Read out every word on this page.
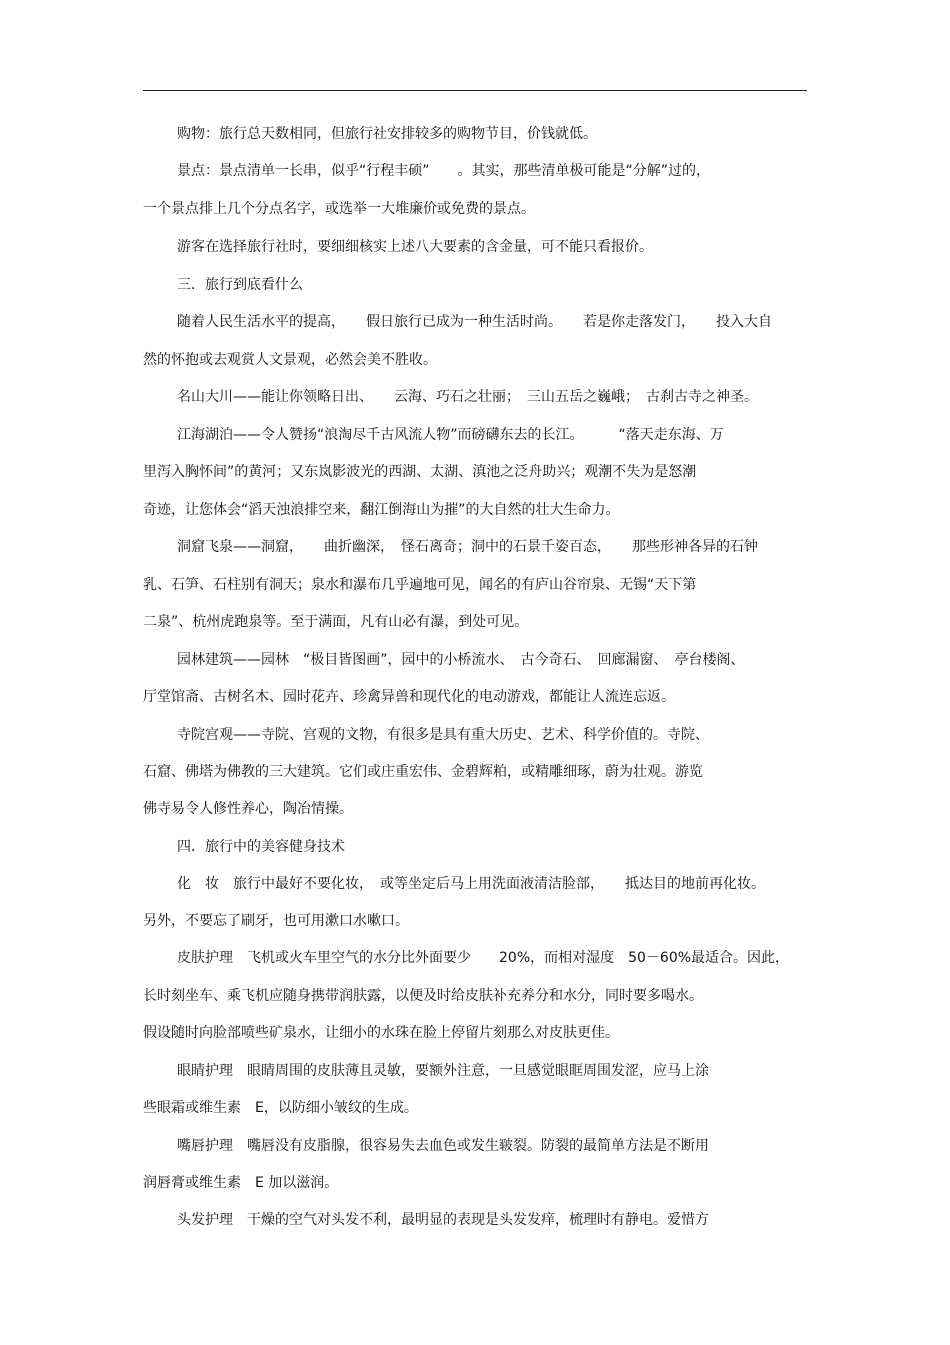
购物：旅行总天数相同，但旅行社安排较多的购物节目，价钱就低。
景点：景点清单一长串，似乎“行程丰硕”　　。其实，那些清单极可能是“分解”过的，
一个景点排上几个分点名字，或选举一大堆廉价或免费的景点。
游客在选择旅行社时，要细细核实上述八大要素的含金量，可不能只看报价。
三．旅行到底看什么
随着人民生活水平的提高，　　假日旅行已成为一种生活时尚。　　若是你走落发门，　　投入大自
然的怀抱或去观赏人文景观，必然会美不胜收。
名山大川——能让你领略日出、　　云海、巧石之壮丽；　三山五岳之巍峨；　古刹古寺之神圣。
江海湖泊——令人赞扬“浪淘尽千古风流人物”而磅礴东去的长江。　　　“落天走东海、万
里泻入胸怀间”的黄河；又东岚影波光的西湖、太湖、滇池之泛舟助兴；观潮不失为是怒潮
奇迹，让您体会“滔天浊浪排空来，翻江倒海山为摧”的大自然的壮大生命力。
洞窟飞泉——洞窟，　　曲折幽深，　怪石离奇；洞中的石景千姿百态，　　那些形神各异的石钟
乳、石笋、石柱别有洞天；泉水和瀑布几乎遍地可见，闻名的有庐山谷帘泉、无锡“天下第
二泉”、杭州虎跑泉等。至于满面，凡有山必有瀑，到处可见。
园林建筑——园林　“极目皆图画”，园中的小桥流水、　古今奇石、　回廊漏窗、　亭台楼阁、
厅堂馆斋、古树名木、园时花卉、珍禽异兽和现代化的电动游戏，都能让人流连忘返。
寺院宫观——寺院、宫观的文物，有很多是具有重大历史、艺术、科学价值的。寺院、
石窟、佛塔为佛教的三大建筑。它们或庄重宏伟、金碧辉粕，或精雕细琢，蔚为壮观。游览
佛寺易令人修性养心，陶冶情操。
四．旅行中的美容健身技术
化　妆　旅行中最好不要化妆，　或等坐定后马上用洗面液清洁脸部，　　抵达目的地前再化妆。
另外，不要忘了刷牙，也可用漱口水嗽口。
皮肤护理　飞机或火车里空气的水分比外面要少　　20%，而相对湿度　50－60%最适合。因此，
长时刻坐车、乘飞机应随身携带润肤露，以便及时给皮肤补充养分和水分，同时要多喝水。
假设随时向脸部喷些矿泉水，让细小的水珠在脸上停留片刻那么对皮肤更佳。
眼睛护理　眼睛周围的皮肤薄且灵敏，要额外注意，一旦感觉眼眶周围发涩，应马上涂
些眼霜或维生素　E，以防细小皱纹的生成。
嘴唇护理　嘴唇没有皮脂腺，很容易失去血色或发生皲裂。防裂的最简单方法是不断用
润唇膏或维生素　E 加以滋润。
头发护理　干燥的空气对头发不利，最明显的表现是头发发痒，梳理时有静电。爱惜方
